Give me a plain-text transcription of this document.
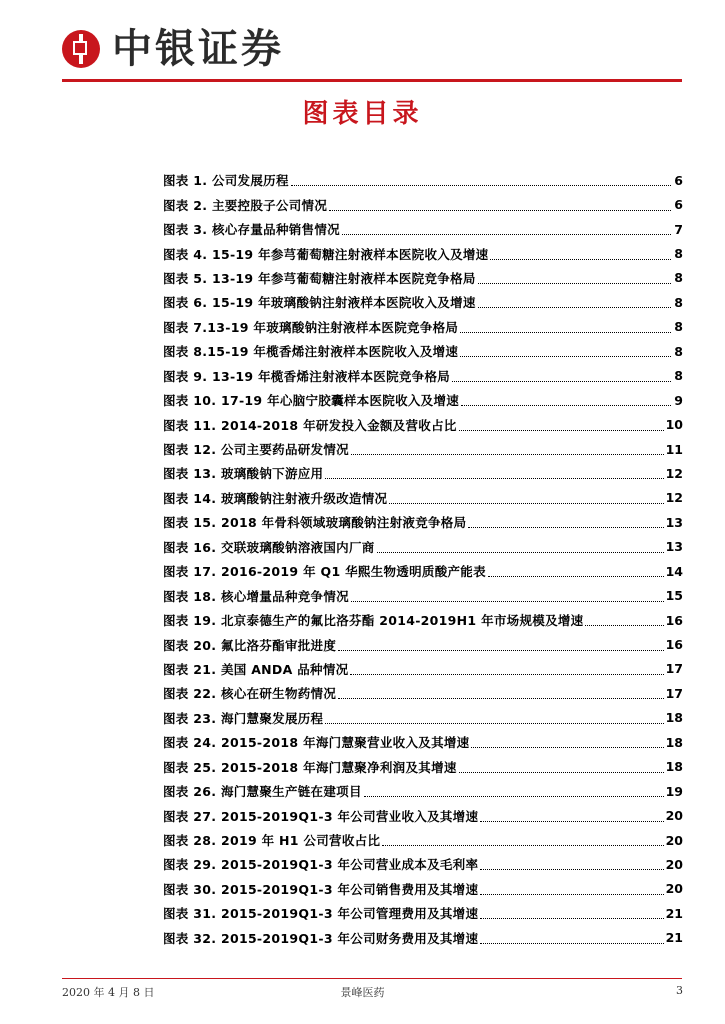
中银证券
图表目录
图表 1. 公司发展历程	6
图表 2. 主要控股子公司情况	6
图表 3. 核心存量品种销售情况	7
图表 4. 15-19 年参芎葡萄糖注射液样本医院收入及增速	8
图表 5. 13-19 年参芎葡萄糖注射液样本医院竞争格局	8
图表 6. 15-19 年玻璃酸钠注射液样本医院收入及增速	8
图表 7.13-19 年玻璃酸钠注射液样本医院竞争格局	8
图表 8.15-19 年榄香烯注射液样本医院收入及增速	8
图表 9. 13-19 年榄香烯注射液样本医院竞争格局	8
图表 10. 17-19 年心脑宁胶囊样本医院收入及增速	9
图表 11. 2014-2018 年研发投入金额及营收占比	10
图表 12. 公司主要药品研发情况	11
图表 13. 玻璃酸钠下游应用	12
图表 14. 玻璃酸钠注射液升级改造情况	12
图表 15. 2018 年骨科领域玻璃酸钠注射液竞争格局	13
图表 16. 交联玻璃酸钠溶液国内厂商	13
图表 17. 2016-2019 年 Q1 华熙生物透明质酸产能表	14
图表 18. 核心增量品种竞争情况	15
图表 19. 北京泰德生产的氟比洛芬酯 2014-2019H1 年市场规模及增速	16
图表 20. 氟比洛芬酯审批进度	16
图表 21. 美国 ANDA 品种情况	17
图表 22. 核心在研生物药情况	17
图表 23. 海门慧聚发展历程	18
图表 24. 2015-2018 年海门慧聚营业收入及其增速	18
图表 25. 2015-2018 年海门慧聚净利润及其增速	18
图表 26. 海门慧聚生产链在建项目	19
图表 27. 2015-2019Q1-3 年公司营业收入及其增速	20
图表 28. 2019 年 H1 公司营收占比	20
图表 29. 2015-2019Q1-3 年公司营业成本及毛利率	20
图表 30. 2015-2019Q1-3 年公司销售费用及其增速	20
图表 31. 2015-2019Q1-3 年公司管理费用及其增速	21
图表 32. 2015-2019Q1-3 年公司财务费用及其增速	21
2020 年 4 月 8 日	景峰医药	3
